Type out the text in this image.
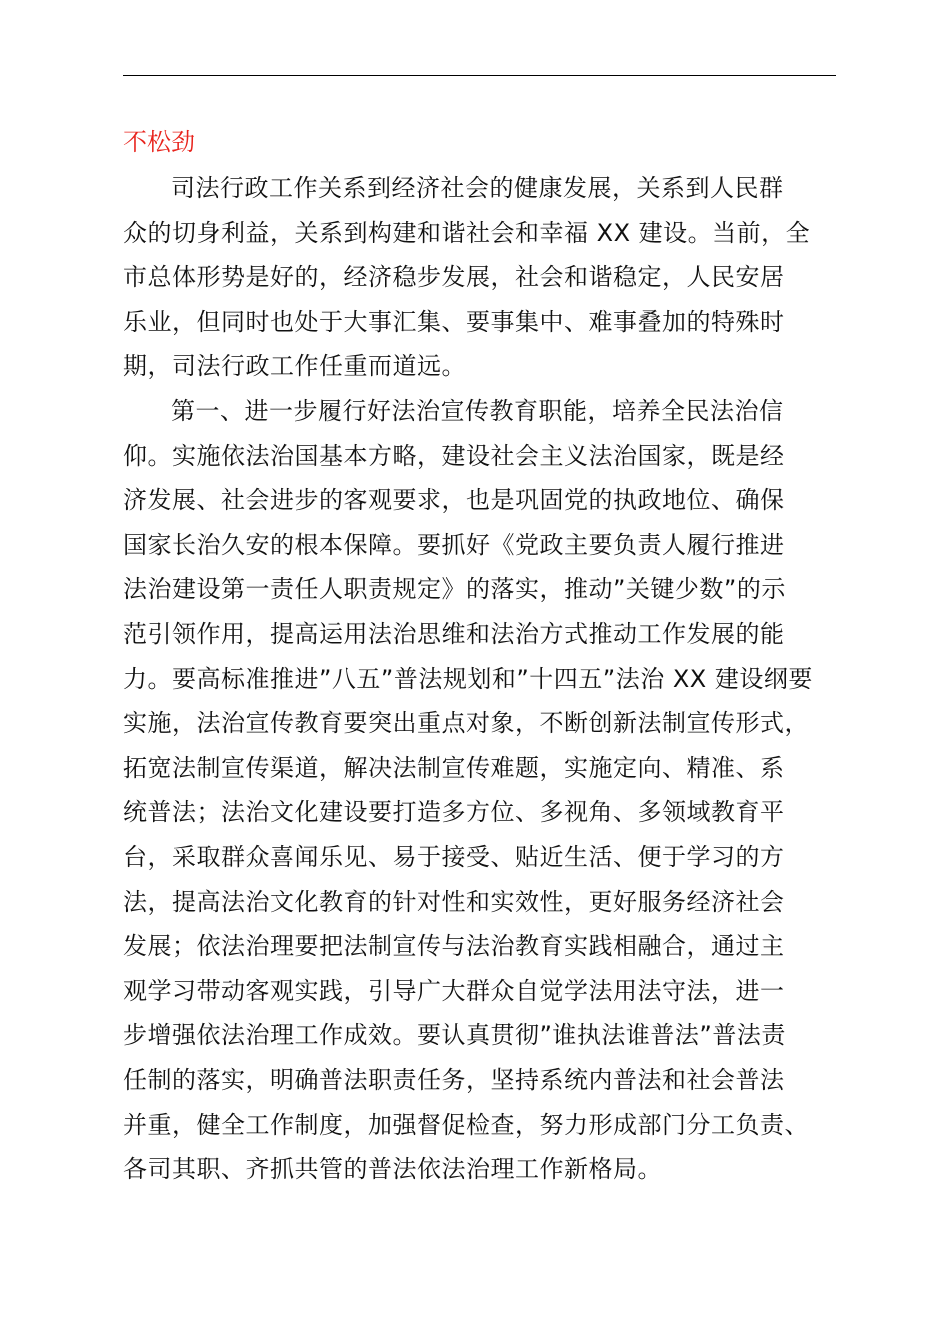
不松劲
司法行政工作关系到经济社会的健康发展，关系到人民群
众的切身利益，关系到构建和谐社会和幸福 XX 建设。当前，全
市总体形势是好的，经济稳步发展，社会和谐稳定，人民安居
乐业，但同时也处于大事汇集、要事集中、难事叠加的特殊时
期，司法行政工作任重而道远。
第一、进一步履行好法治宣传教育职能，培养全民法治信
仰。实施依法治国基本方略，建设社会主义法治国家，既是经
济发展、社会进步的客观要求，也是巩固党的执政地位、确保
国家长治久安的根本保障。要抓好《党政主要负责人履行推进
法治建设第一责任人职责规定》的落实，推动”关键少数”的示
范引领作用，提高运用法治思维和法治方式推动工作发展的能
力。要高标准推进”八五”普法规划和”十四五”法治 XX 建设纲要
实施，法治宣传教育要突出重点对象，不断创新法制宣传形式，
拓宽法制宣传渠道，解决法制宣传难题，实施定向、精准、系
统普法；法治文化建设要打造多方位、多视角、多领域教育平
台，采取群众喜闻乐见、易于接受、贴近生活、便于学习的方
法，提高法治文化教育的针对性和实效性，更好服务经济社会
发展；依法治理要把法制宣传与法治教育实践相融合，通过主
观学习带动客观实践，引导广大群众自觉学法用法守法，进一
步增强依法治理工作成效。要认真贯彻”谁执法谁普法”普法责
任制的落实，明确普法职责任务，坚持系统内普法和社会普法
并重，健全工作制度，加强督促检查，努力形成部门分工负责、
各司其职、齐抓共管的普法依法治理工作新格局。
